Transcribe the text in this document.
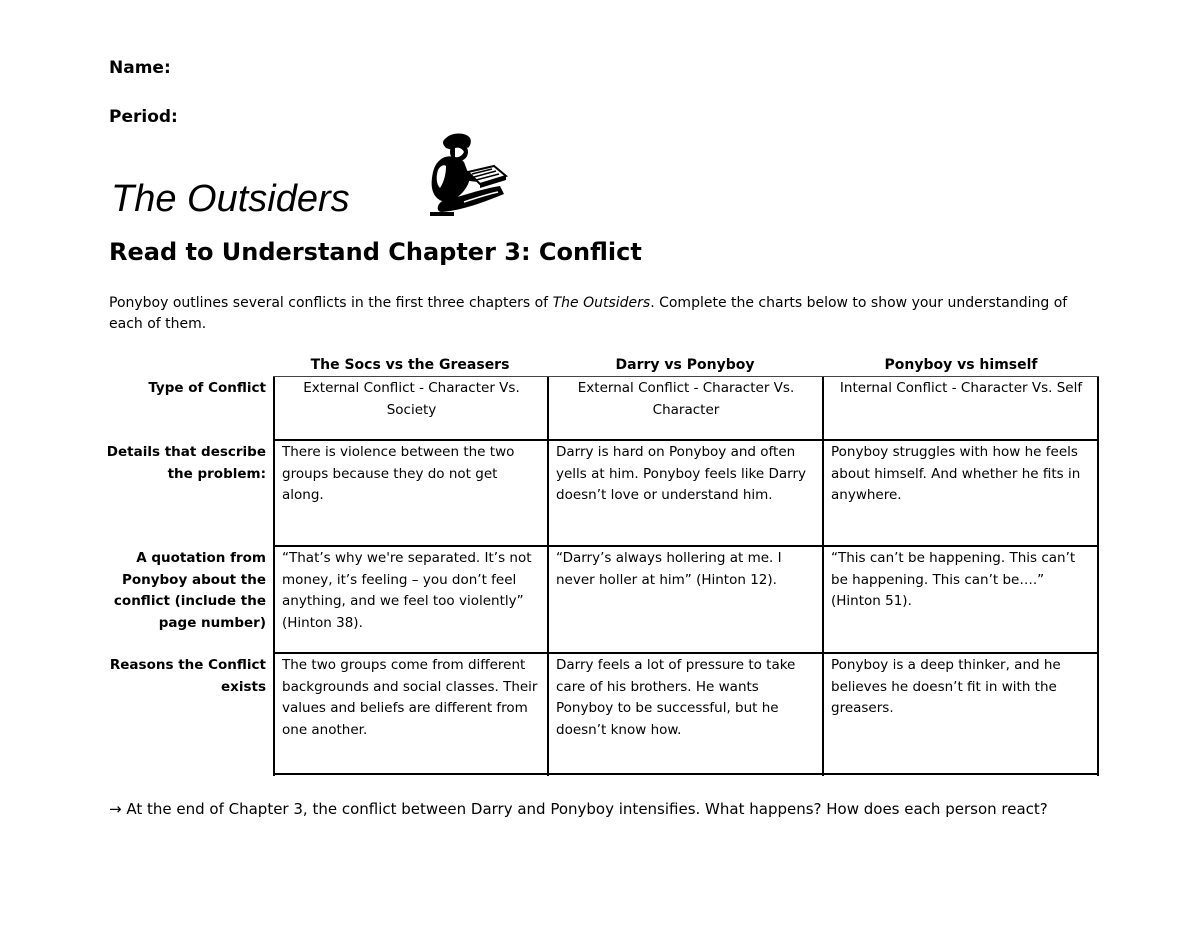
Name:
Period:
The Outsiders
Read to Understand Chapter 3: Conflict
Ponyboy outlines several conflicts in the first three chapters of The Outsiders. Complete the charts below to show your understanding of each of them.
The Socs vs the Greasers	Darry vs Ponyboy	Ponyboy vs himself
Type of Conflict
Details that describe the problem:
A quotation from Ponyboy about the conflict (include the page number)
Reasons the Conflict exists
External Conflict - Character Vs. Society
External Conflict - Character Vs. Character
Internal Conflict - Character Vs. Self
There is violence between the two groups because they do not get along.
Darry is hard on Ponyboy and often yells at him. Ponyboy feels like Darry doesn’t love or understand him.
Ponyboy struggles with how he feels about himself. And whether he fits in anywhere.
“That’s why we're separated. It’s not money, it’s feeling – you don’t feel anything, and we feel too violently” (Hinton 38).
“Darry’s always hollering at me. I never holler at him” (Hinton 12).
“This can’t be happening. This can’t be happening. This can’t be….” (Hinton 51).
The two groups come from different backgrounds and social classes. Their values and beliefs are different from one another.
Darry feels a lot of pressure to take care of his brothers. He wants Ponyboy to be successful, but he doesn’t know how.
Ponyboy is a deep thinker, and he believes he doesn’t fit in with the greasers.
→ At the end of Chapter 3, the conflict between Darry and Ponyboy intensifies. What happens? How does each person react?
